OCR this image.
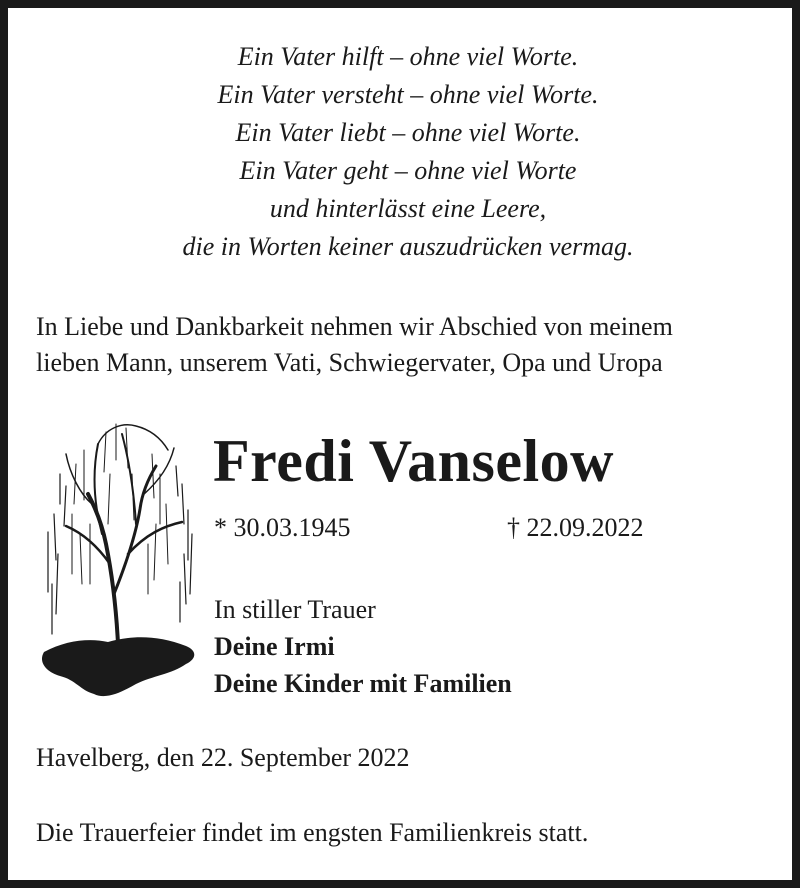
Ein Vater hilft – ohne viel Worte.
Ein Vater versteht – ohne viel Worte.
Ein Vater liebt – ohne viel Worte.
Ein Vater geht – ohne viel Worte
und hinterlässt eine Leere,
die in Worten keiner auszudrücken vermag.
In Liebe und Dankbarkeit nehmen wir Abschied von meinem
lieben Mann, unserem Vati, Schwiegervater, Opa und Uropa
Fredi Vanselow
* 30.03.1945	† 22.09.2022
In stiller Trauer
Deine Irmi
Deine Kinder mit Familien
Havelberg, den 22. September 2022
Die Trauerfeier findet im engsten Familienkreis statt.
